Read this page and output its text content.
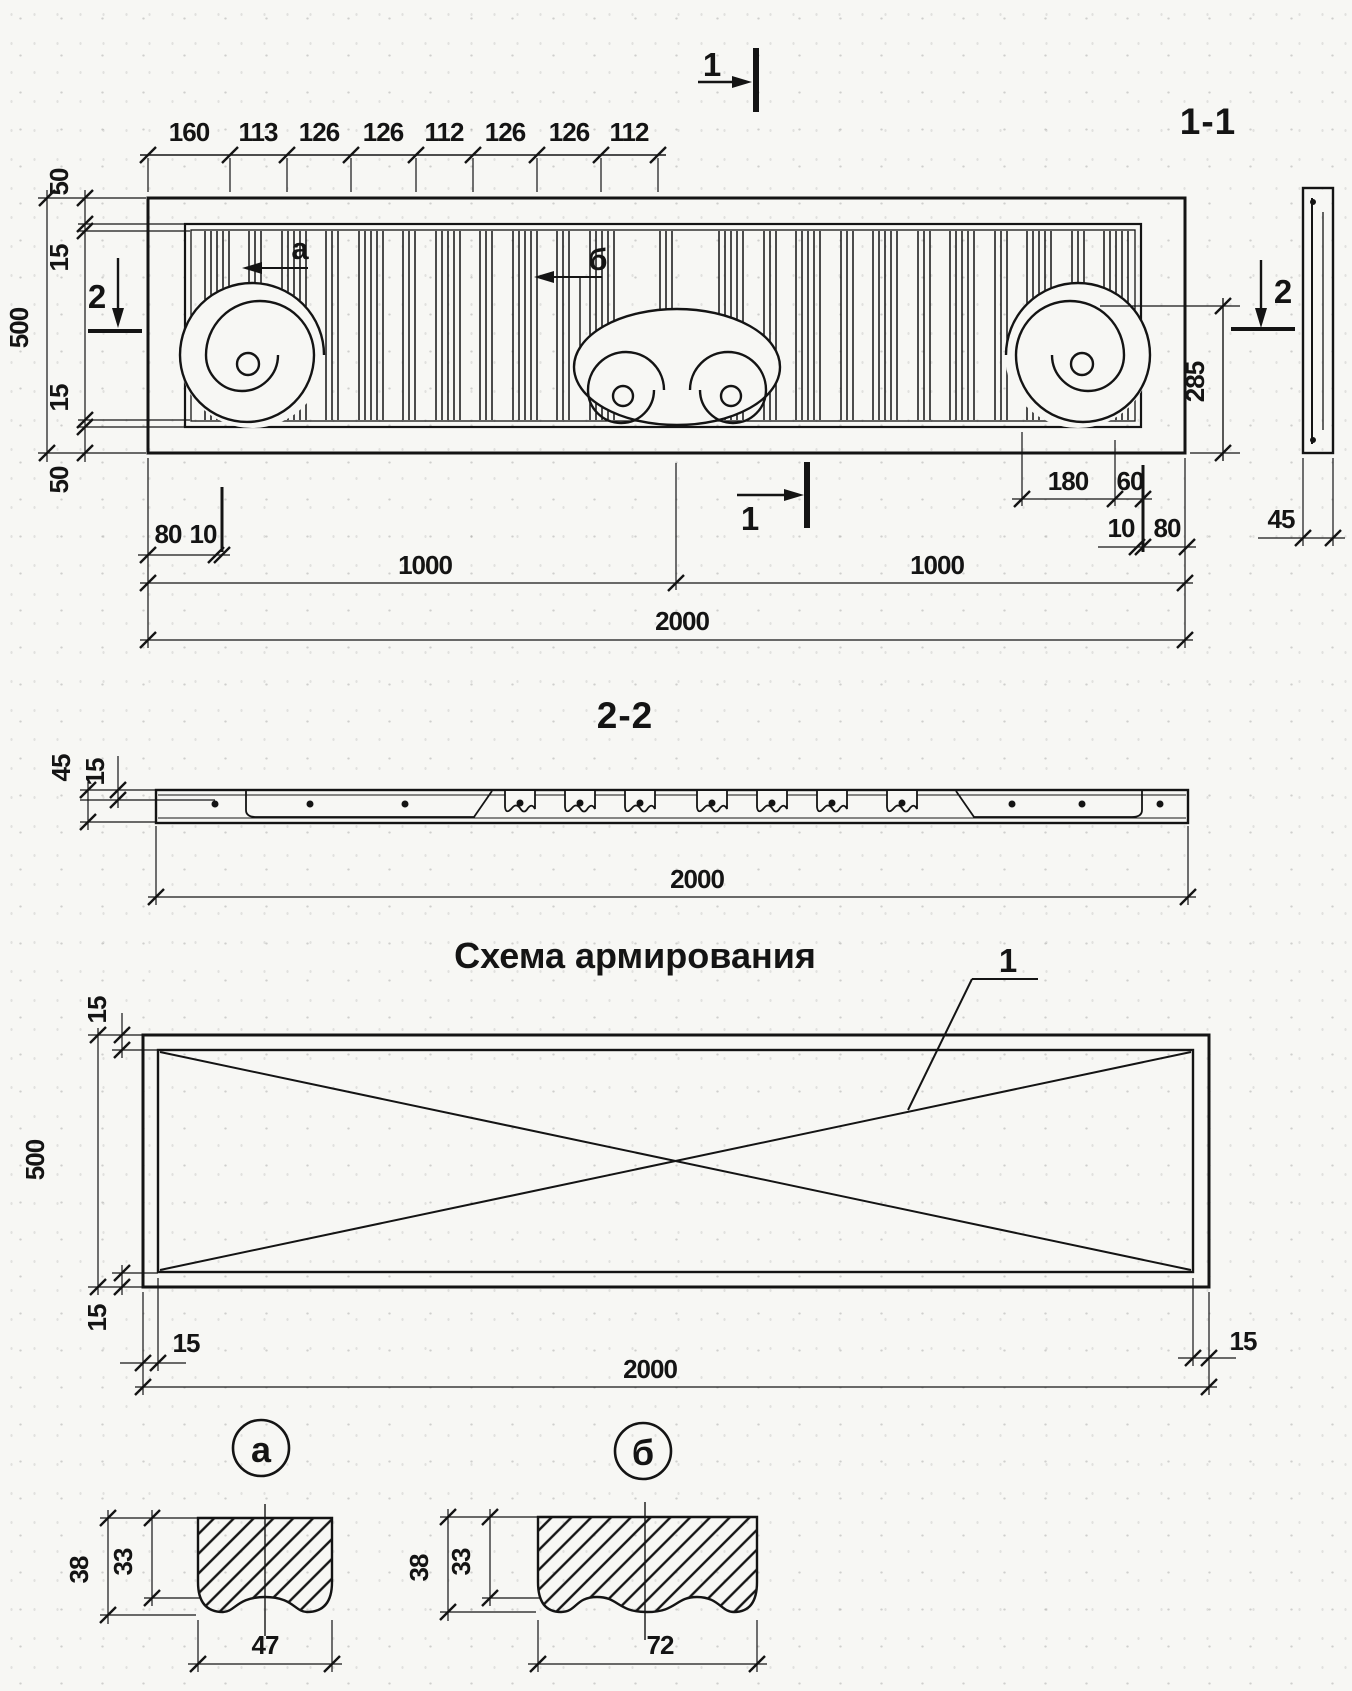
1
1-1
160 113 126 126 112 126 126 112
а	б
50
15
500
15
50
2	2
285
45
80 10
180 60
10 80
1000	1000
2000
1
2-2
45 15
2000
Схема армирования	1
15
500
15
15	15
2000
а
38 33
47
б
38 33
72
